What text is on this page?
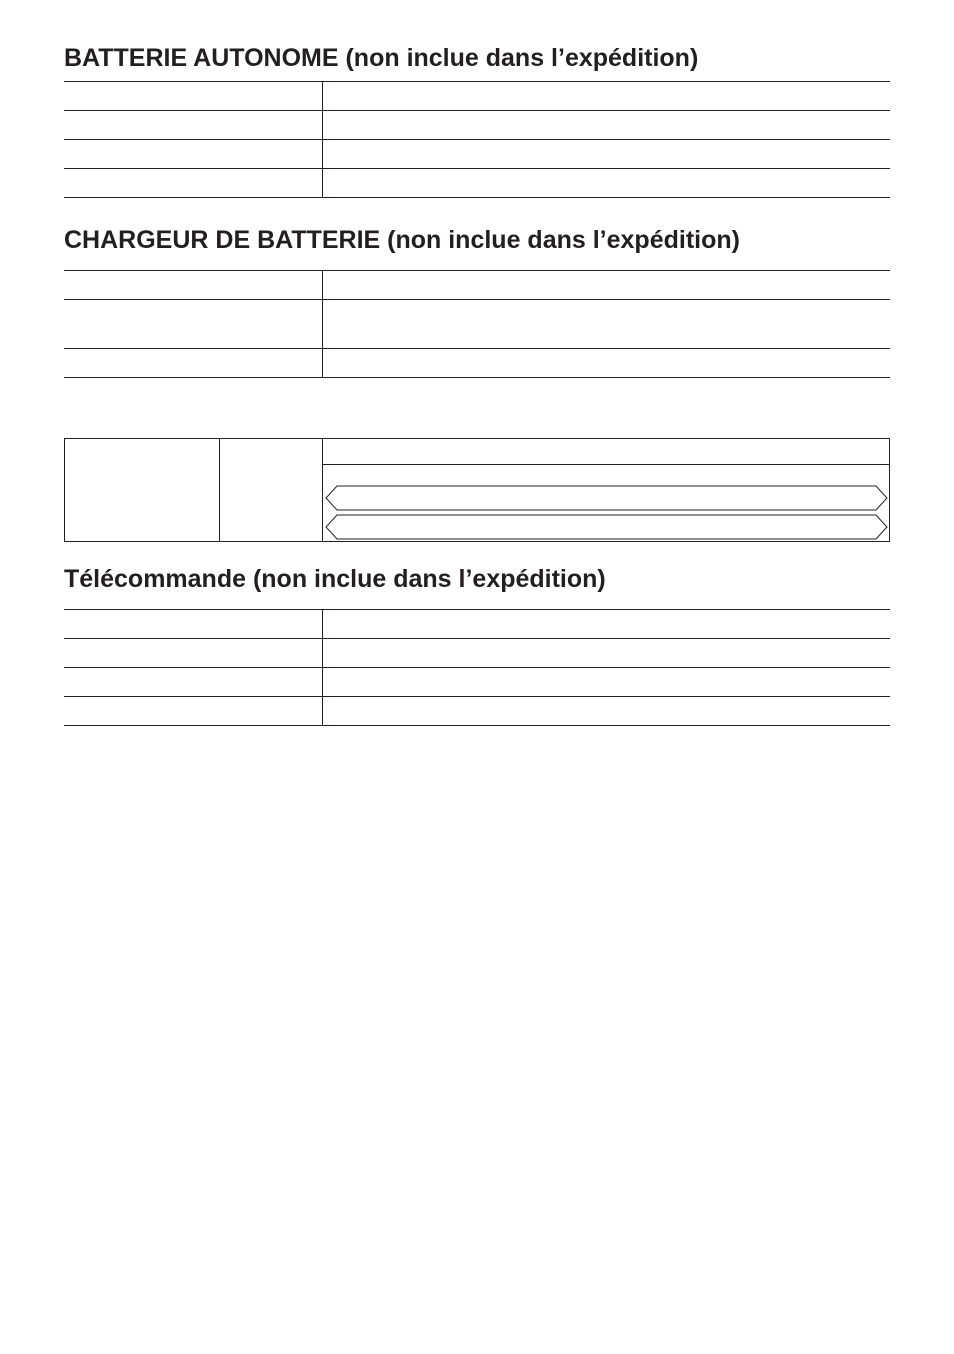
BATTERIE AUTONOME (non inclue dans l’expédition)

CHARGEUR DE BATTERIE (non inclue dans l’expédition)

Télécommande (non inclue dans l’expédition)
